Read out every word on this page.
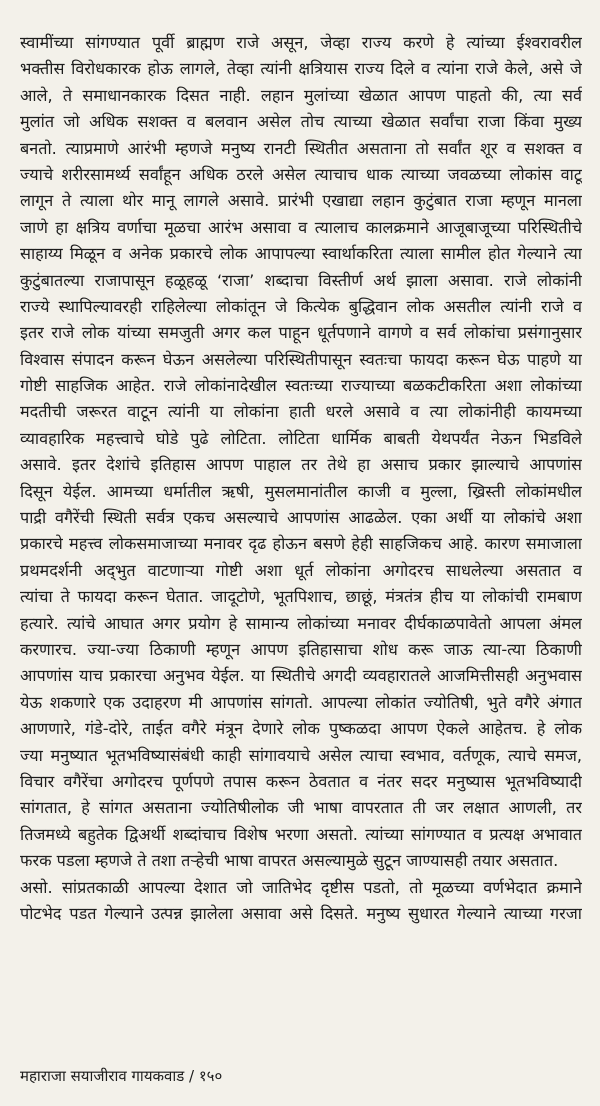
स्वामींच्या सांगण्यात पूर्वी ब्राह्मण राजे असून, जेव्हा राज्य करणे हे त्यांच्या ईश्वरावरील
भक्तीस विरोधकारक होऊ लागले, तेव्हा त्यांनी क्षत्रियास राज्य दिले व त्यांना राजे केले, असे जे
आले, ते समाधानकारक दिसत नाही. लहान मुलांच्या खेळात आपण पाहतो की, त्या सर्व
मुलांत जो अधिक सशक्त व बलवान असेल तोच त्याच्या खेळात सर्वांचा राजा किंवा मुख्य
बनतो. त्याप्रमाणे आरंभी म्हणजे मनुष्य रानटी स्थितीत असताना तो सर्वांत शूर व सशक्त व
ज्याचे शरीरसामर्थ्य सर्वांहून अधिक ठरले असेल त्याचाच धाक त्याच्या जवळच्या लोकांस वाटू
लागून ते त्याला थोर मानू लागले असावे. प्रारंभी एखाद्या लहान कुटुंबात राजा म्हणून मानला
जाणे हा क्षत्रिय वर्णाचा मूळचा आरंभ असावा व त्यालाच कालक्रमाने आजूबाजूच्या परिस्थितीचे
साहाय्य मिळून व अनेक प्रकारचे लोक आपापल्या स्वार्थाकरिता त्याला सामील होत गेल्याने त्या
कुटुंबातल्या राजापासून हळूहळू ‘राजा’ शब्दाचा विस्तीर्ण अर्थ झाला असावा. राजे लोकांनी
राज्ये स्थापिल्यावरही राहिलेल्या लोकांतून जे कित्येक बुद्धिवान लोक असतील त्यांनी राजे व
इतर राजे लोक यांच्या समजुती अगर कल पाहून धूर्तपणाने वागणे व सर्व लोकांचा प्रसंगानुसार
विश्वास संपादन करून घेऊन असलेल्या परिस्थितीपासून स्वतःचा फायदा करून घेऊ पाहणे या
गोष्टी साहजिक आहेत. राजे लोकांनादेखील स्वतःच्या राज्याच्या बळकटीकरिता अशा लोकांच्या
मदतीची जरूरत वाटून त्यांनी या लोकांना हाती धरले असावे व त्या लोकांनीही कायमच्या
व्यावहारिक महत्त्वाचे घोडे पुढे लोटिता. लोटिता धार्मिक बाबती येथपर्यंत नेऊन भिडविले
असावे. इतर देशांचे इतिहास आपण पाहाल तर तेथे हा असाच प्रकार झाल्याचे आपणांस
दिसून येईल. आमच्या धर्मातील ऋषी, मुसलमानांतील काजी व मुल्ला, ख्रिस्ती लोकांमधील
पाद्री वगैरेंची स्थिती सर्वत्र एकच असल्याचे आपणांस आढळेल. एका अर्थी या लोकांचे अशा
प्रकारचे महत्त्व लोकसमाजाच्या मनावर दृढ होऊन बसणे हेही साहजिकच आहे. कारण समाजाला
प्रथमदर्शनी अद्‌भुत वाटणाऱ्या गोष्टी अशा धूर्त लोकांना अगोदरच साधलेल्या असतात व
त्यांचा ते फायदा करून घेतात. जादूटोणे, भूतपिशाच, छाछूं, मंत्रतंत्र हीच या लोकांची रामबाण
हत्यारे. त्यांचे आघात अगर प्रयोग हे सामान्य लोकांच्या मनावर दीर्घकाळपावेतो आपला अंमल
करणारच. ज्या-ज्या ठिकाणी म्हणून आपण इतिहासाचा शोध करू जाऊ त्या-त्या ठिकाणी
आपणांस याच प्रकारचा अनुभव येईल. या स्थितीचे अगदी व्यवहारातले आजमित्तीसही अनुभवास
येऊ शकणारे एक उदाहरण मी आपणांस सांगतो. आपल्या लोकांत ज्योतिषी, भुते वगैरे अंगात
आणणारे, गंडे-दोरे, ताईत वगैरे मंत्रून देणारे लोक पुष्कळदा आपण ऐकले आहेतच. हे लोक
ज्या मनुष्यात भूतभविष्यासंबंधी काही सांगावयाचे असेल त्याचा स्वभाव, वर्तणूक, त्याचे समज,
विचार वगैरेंचा अगोदरच पूर्णपणे तपास करून ठेवतात व नंतर सदर मनुष्यास भूतभविष्यादी
सांगतात, हे सांगत असताना ज्योतिषीलोक जी भाषा वापरतात ती जर लक्षात आणली, तर
तिजमध्ये बहुतेक द्विअर्थी शब्दांचाच विशेष भरणा असतो. त्यांच्या सांगण्यात व प्रत्यक्ष अभावात
फरक पडला म्हणजे ते तशा तऱ्हेची भाषा वापरत असल्यामुळे सुटून जाण्यासही तयार असतात.
असो. सांप्रतकाळी आपल्या देशात जो जातिभेद दृष्टीस पडतो, तो मूळच्या वर्णभेदात क्रमाने
पोटभेद पडत गेल्याने उत्पन्न झालेला असावा असे दिसते. मनुष्य सुधारत गेल्याने त्याच्या गरजा
महाराजा सयाजीराव गायकवाड / १५०
